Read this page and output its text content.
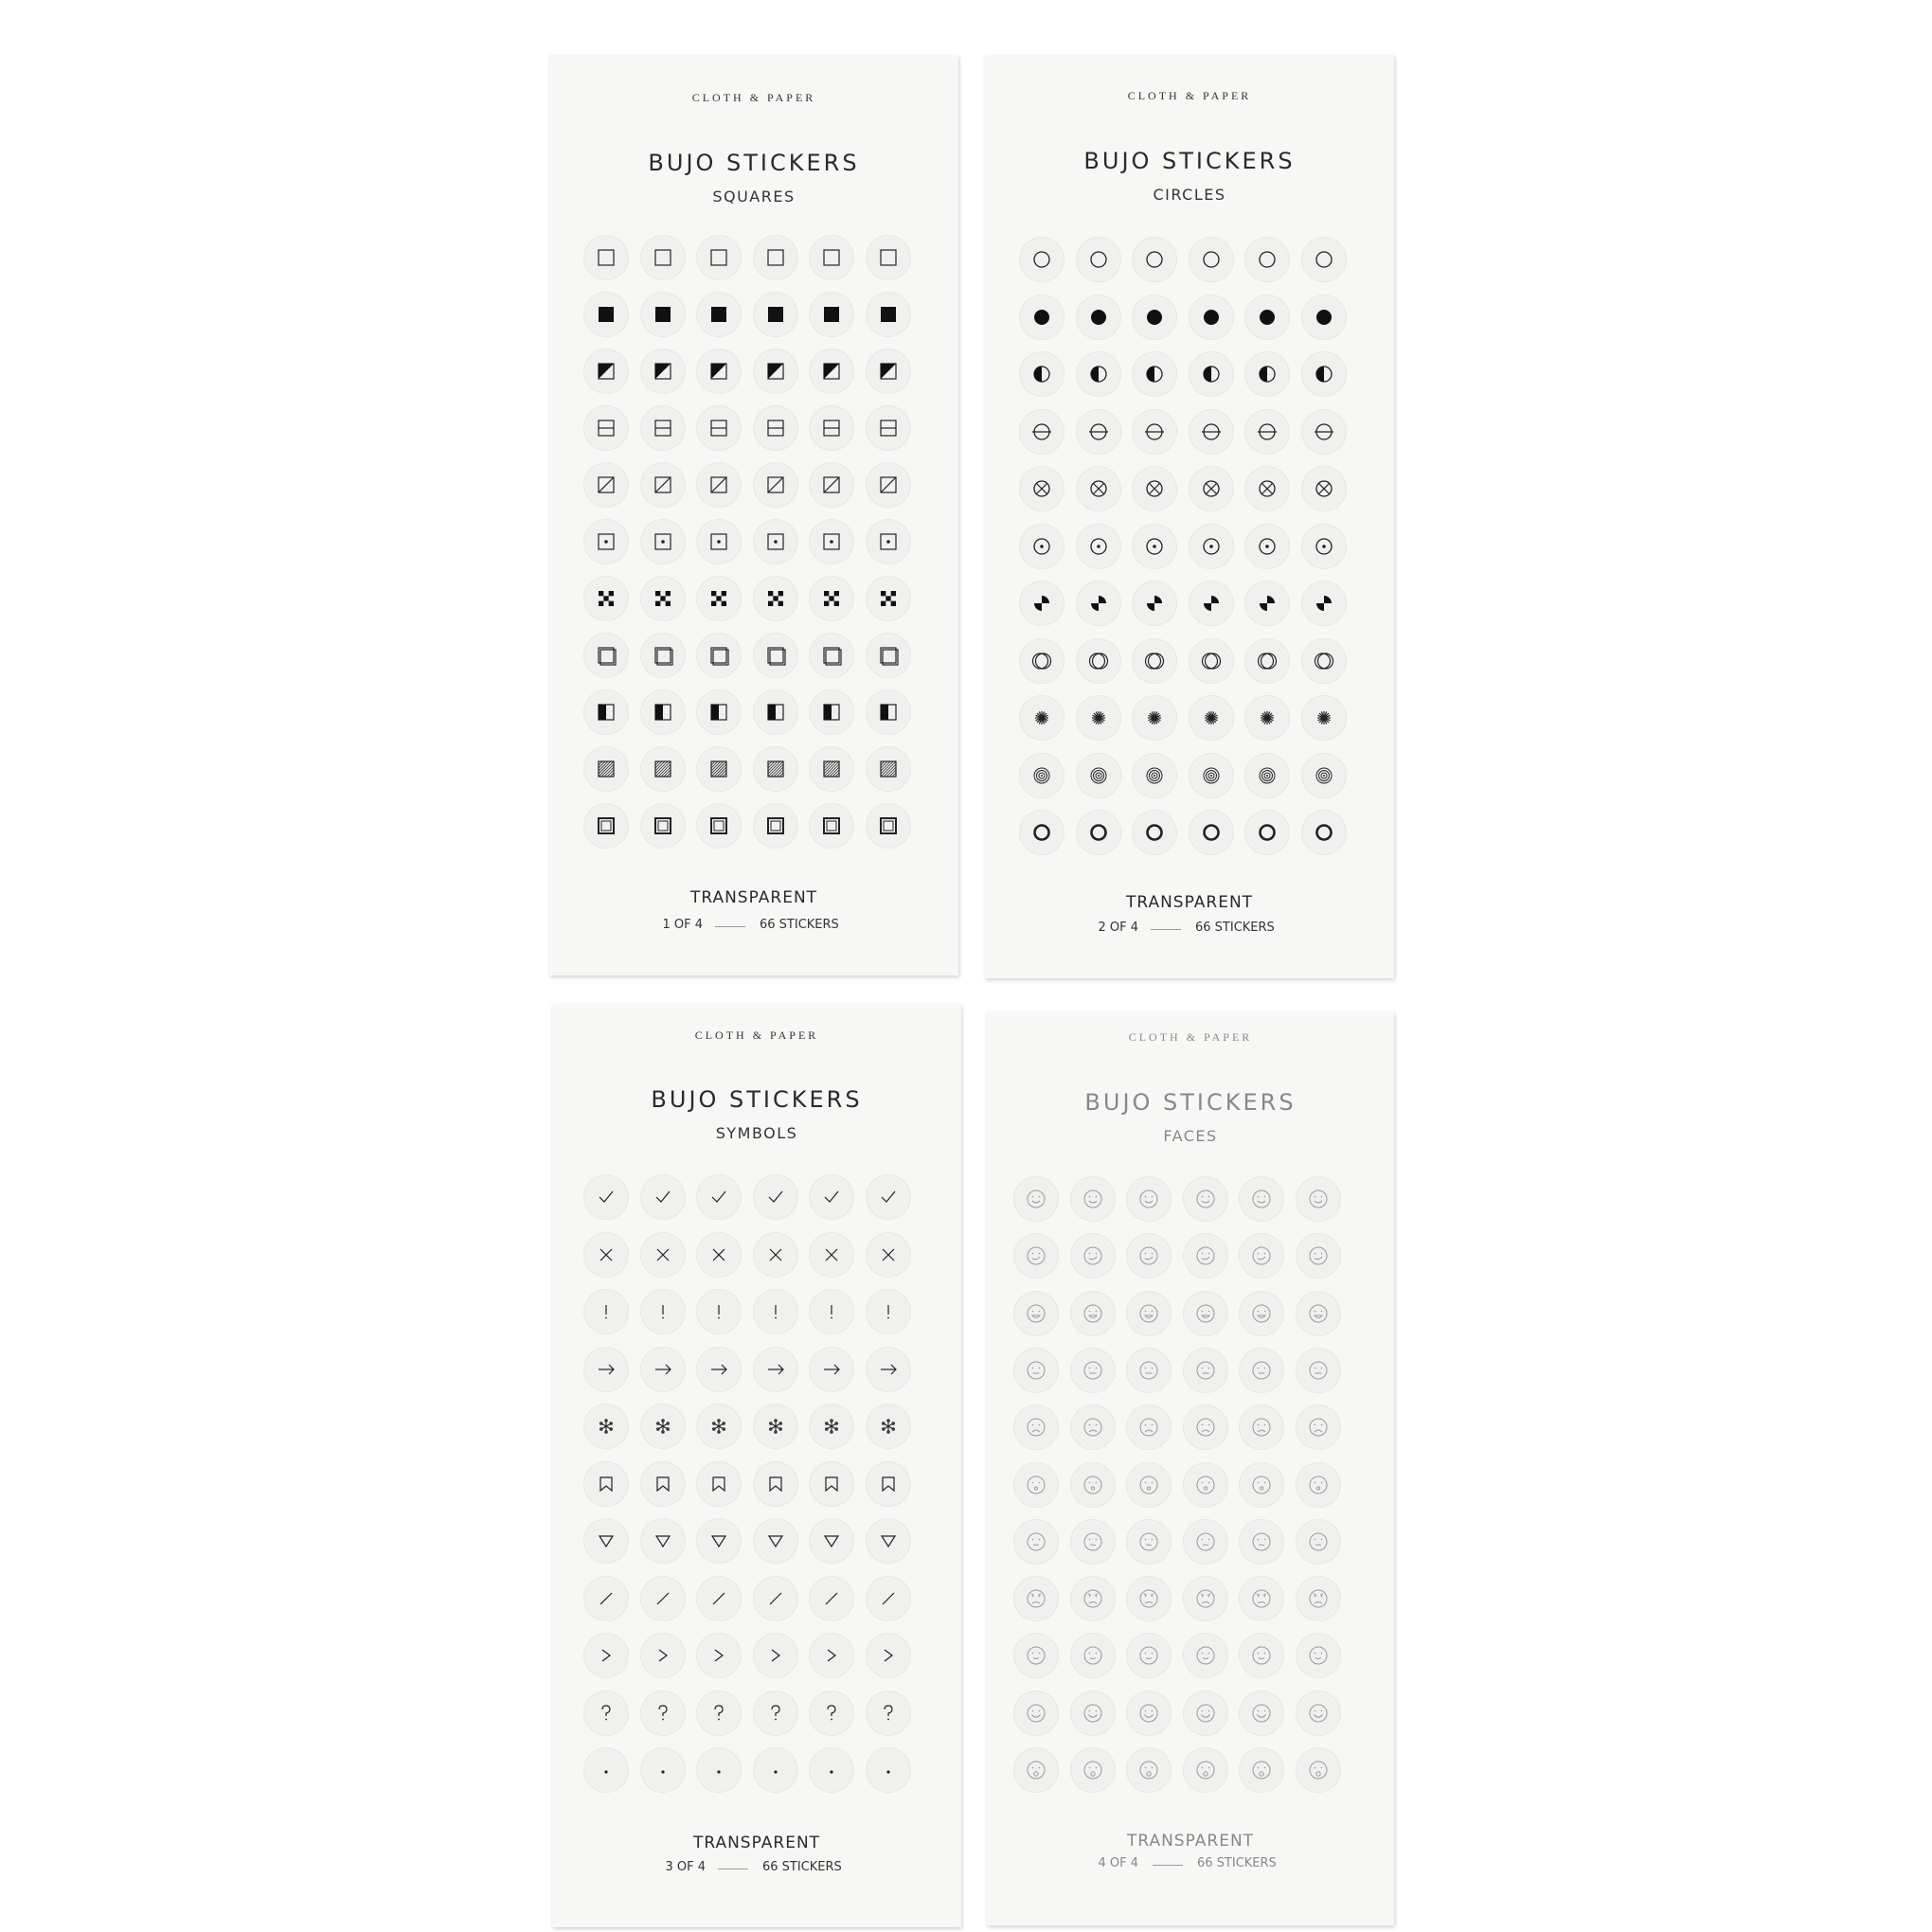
CLOTH & PAPER
BUJO STICKERS
SQUARES
TRANSPARENT
1 OF 4	66 STICKERS
CLOTH & PAPER
BUJO STICKERS
CIRCLES
TRANSPARENT
2 OF 4	66 STICKERS
CLOTH & PAPER
BUJO STICKERS
SYMBOLS
TRANSPARENT
3 OF 4	66 STICKERS
CLOTH & PAPER
BUJO STICKERS
FACES
TRANSPARENT
4 OF 4	66 STICKERS
